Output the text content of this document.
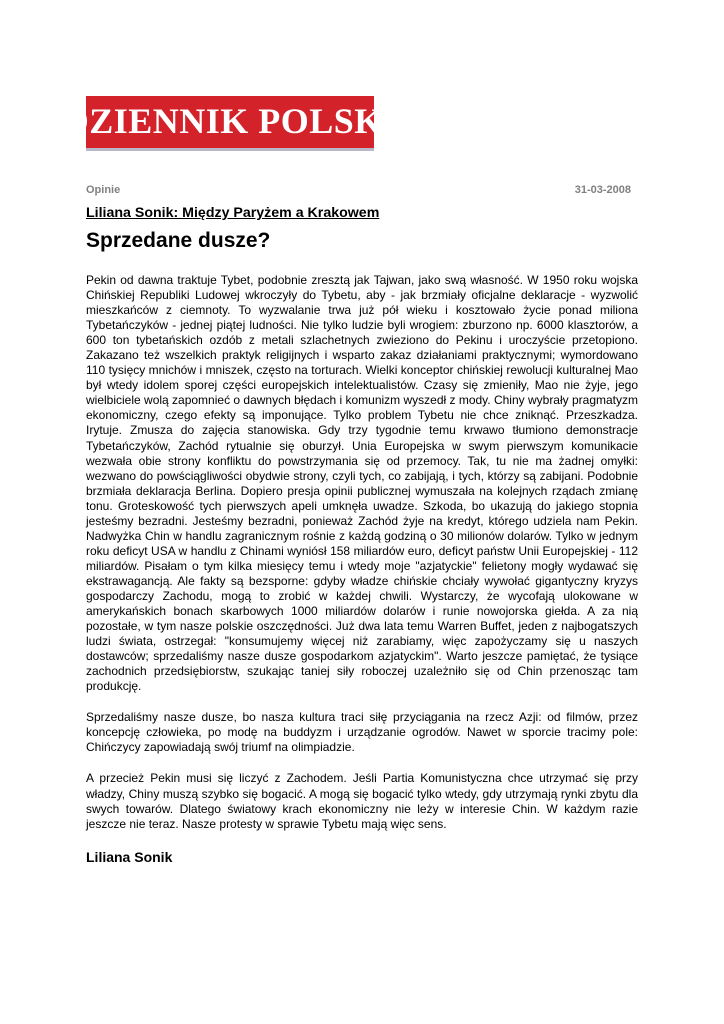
DZIENNIK POLSKI
Opinie	31-03-2008
Liliana Sonik: Między Paryżem a Krakowem
Sprzedane dusze?

Pekin od dawna traktuje Tybet, podobnie zresztą jak Tajwan, jako swą własność. W 1950 roku wojska Chińskiej Republiki Ludowej wkroczyły do Tybetu, aby - jak brzmiały oficjalne deklaracje - wyzwolić mieszkańców z ciemnoty. To wyzwalanie trwa już pół wieku i kosztowało życie ponad miliona Tybetańczyków - jednej piątej ludności. Nie tylko ludzie byli wrogiem: zburzono np. 6000 klasztorów, a 600 ton tybetańskich ozdób z metali szlachetnych zwieziono do Pekinu i uroczyście przetopiono. Zakazano też wszelkich praktyk religijnych i wsparto zakaz działaniami praktycznymi; wymordowano 110 tysięcy mnichów i mniszek, często na torturach. Wielki konceptor chińskiej rewolucji kulturalnej Mao był wtedy idolem sporej części europejskich intelektualistów. Czasy się zmieniły, Mao nie żyje, jego wielbiciele wolą zapomnieć o dawnych błędach i komunizm wyszedł z mody. Chiny wybrały pragmatyzm ekonomiczny, czego efekty są imponujące. Tylko problem Tybetu nie chce zniknąć. Przeszkadza. Irytuje. Zmusza do zajęcia stanowiska. Gdy trzy tygodnie temu krwawo tłumiono demonstracje Tybetańczyków, Zachód rytualnie się oburzył. Unia Europejska w swym pierwszym komunikacie wezwała obie strony konfliktu do powstrzymania się od przemocy. Tak, tu nie ma żadnej omyłki: wezwano do powściągliwości obydwie strony, czyli tych, co zabijają, i tych, którzy są zabijani. Podobnie brzmiała deklaracja Berlina. Dopiero presja opinii publicznej wymuszała na kolejnych rządach zmianę tonu. Groteskowość tych pierwszych apeli umknęła uwadze. Szkoda, bo ukazują do jakiego stopnia jesteśmy bezradni. Jesteśmy bezradni, ponieważ Zachód żyje na kredyt, którego udziela nam Pekin. Nadwyżka Chin w handlu zagranicznym rośnie z każdą godziną o 30 milionów dolarów. Tylko w jednym roku deficyt USA w handlu z Chinami wyniósł 158 miliardów euro, deficyt państw Unii Europejskiej - 112 miliardów. Pisałam o tym kilka miesięcy temu i wtedy moje "azjatyckie" felietony mogły wydawać się ekstrawagancją. Ale fakty są bezsporne: gdyby władze chińskie chciały wywołać gigantyczny kryzys gospodarczy Zachodu, mogą to zrobić w każdej chwili. Wystarczy, że wycofają ulokowane w amerykańskich bonach skarbowych 1000 miliardów dolarów i runie nowojorska giełda. A za nią pozostałe, w tym nasze polskie oszczędności. Już dwa lata temu Warren Buffet, jeden z najbogatszych ludzi świata, ostrzegał: "konsumujemy więcej niż zarabiamy, więc zapożyczamy się u naszych dostawców; sprzedaliśmy nasze dusze gospodarkom azjatyckim". Warto jeszcze pamiętać, że tysiące zachodnich przedsiębiorstw, szukając taniej siły roboczej uzależniło się od Chin przenosząc tam produkcję.

Sprzedaliśmy nasze dusze, bo nasza kultura traci siłę przyciągania na rzecz Azji: od filmów, przez koncepcję człowieka, po modę na buddyzm i urządzanie ogrodów. Nawet w sporcie tracimy pole: Chińczycy zapowiadają swój triumf na olimpiadzie.

A przecież Pekin musi się liczyć z Zachodem. Jeśli Partia Komunistyczna chce utrzymać się przy władzy, Chiny muszą szybko się bogacić. A mogą się bogacić tylko wtedy, gdy utrzymają rynki zbytu dla swych towarów. Dlatego światowy krach ekonomiczny nie leży w interesie Chin. W każdym razie jeszcze nie teraz. Nasze protesty w sprawie Tybetu mają więc sens.

Liliana Sonik
